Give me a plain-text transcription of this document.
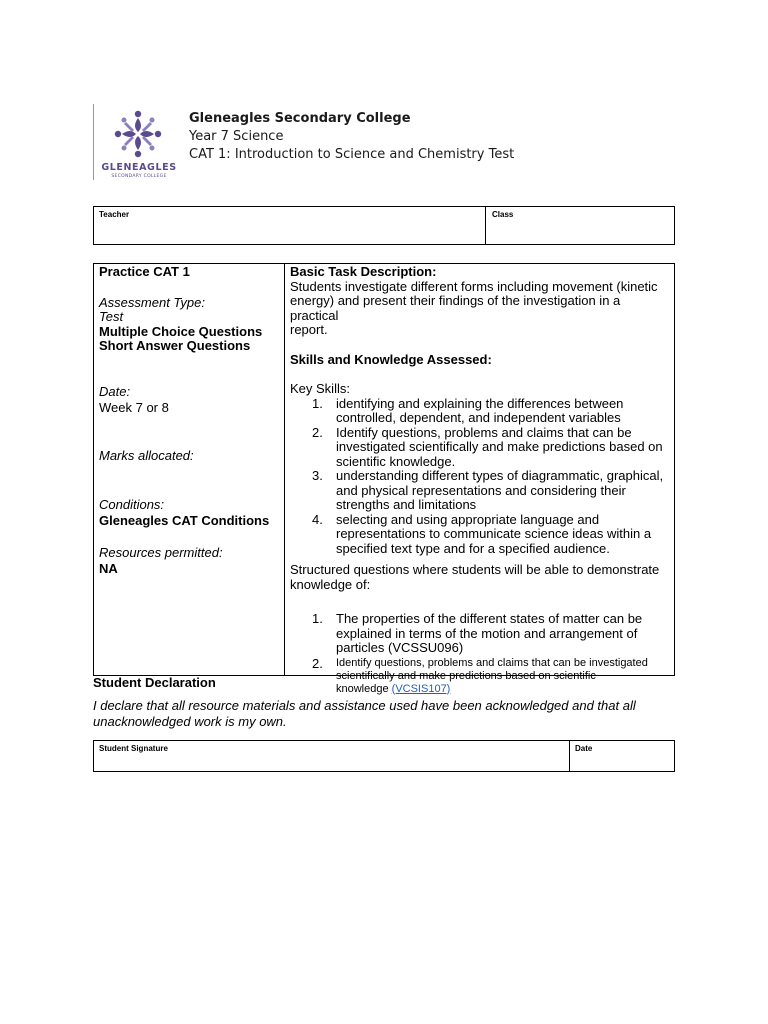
GLENEAGLES
SECONDARY COLLEGE
Gleneagles Secondary College
Year 7 Science
CAT 1: Introduction to Science and Chemistry Test
Teacher	Class
Practice CAT 1
Assessment Type:
Test
Multiple Choice Questions
Short Answer Questions
Date:
Week 7 or 8
Marks allocated:
Conditions:
Gleneagles CAT Conditions
Resources permitted:
NA
Basic Task Description:
Students investigate different forms including movement (kinetic
energy) and present their findings of the investigation in a practical
report.
Skills and Knowledge Assessed:
Key Skills:
1. identifying and explaining the differences between
controlled, dependent, and independent variables
2. Identify questions, problems and claims that can be
investigated scientifically and make predictions based on
scientific knowledge.
3. understanding different types of diagrammatic, graphical,
and physical representations and considering their
strengths and limitations
4. selecting and using appropriate language and
representations to communicate science ideas within a
specified text type and for a specified audience.
Structured questions where students will be able to demonstrate
knowledge of:
1. The properties of the different states of matter can be
explained in terms of the motion and arrangement of
particles (VCSSU096)
2. Identify questions, problems and claims that can be investigated
scientifically and make predictions based on scientific
knowledge (VCSIS107)
Student Declaration
I declare that all resource materials and assistance used have been acknowledged and that all
unacknowledged work is my own.
Student Signature	Date
